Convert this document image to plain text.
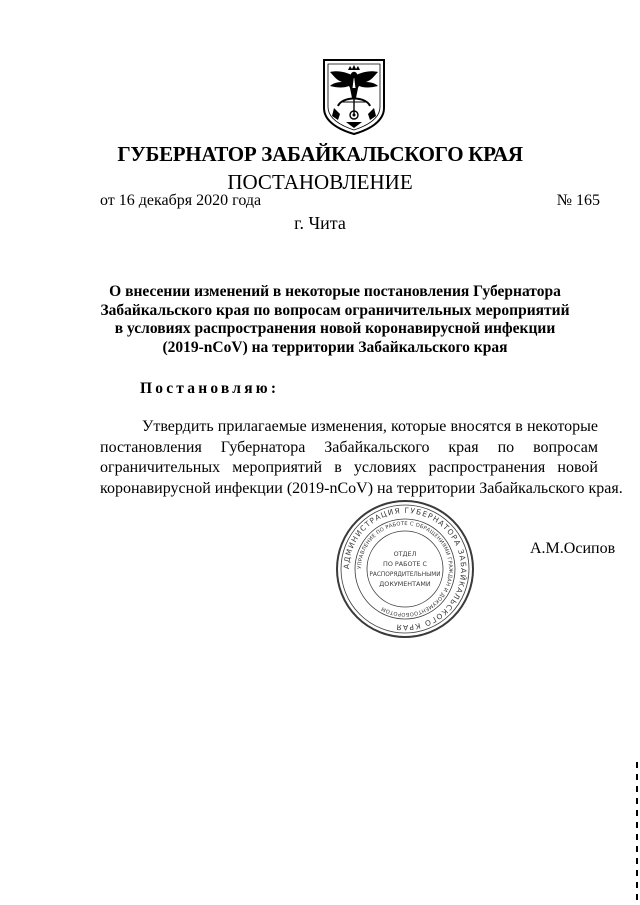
ГУБЕРНАТОР ЗАБАЙКАЛЬСКОГО КРАЯ
ПОСТАНОВЛЕНИЕ
от 16 декабря 2020 года	№ 165
г. Чита
О внесении изменений в некоторые постановления Губернатора
Забайкальского края по вопросам ограничительных мероприятий
в условиях распространения новой коронавирусной инфекции
(2019-nCoV) на территории Забайкальского края
Постановляю:
Утвердить прилагаемые изменения, которые вносятся в некоторые
постановления Губернатора Забайкальского края по вопросам
ограничительных мероприятий в условиях распространения новой
коронавирусной инфекции (2019-nCoV) на территории Забайкальского края.
АДМИНИСТРАЦИЯ ГУБЕРНАТОРА ЗАБАЙКАЛЬСКОГО КРАЯ
УПРАВЛЕНИЕ ПО РАБОТЕ С ОБРАЩЕНИЯМИ ГРАЖДАН И ДОКУМЕНТООБОРОТОМ
ОТДЕЛ
ПО РАБОТЕ С
РАСПОРЯДИТЕЛЬНЫМИ
ДОКУМЕНТАМИ
А.М.Осипов
